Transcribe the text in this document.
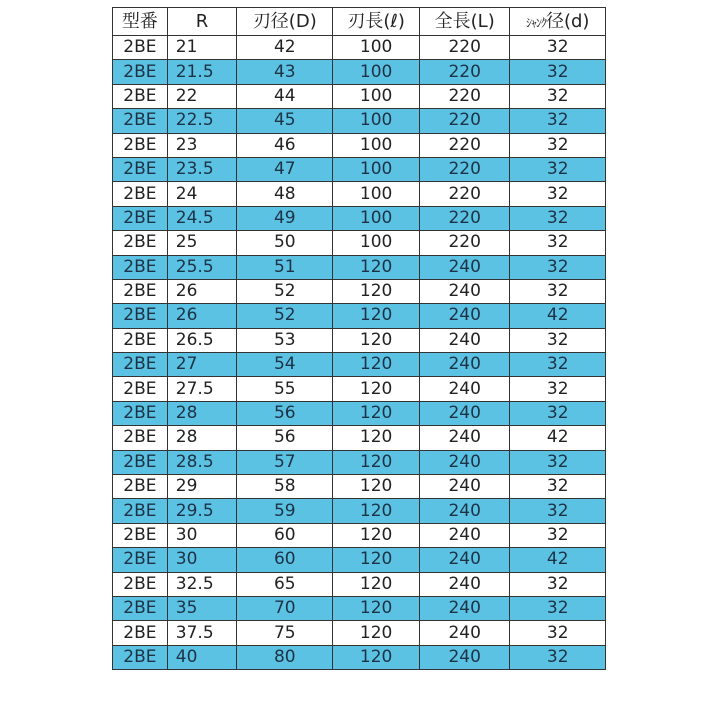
型番	R	刃径(D)	刃長(ℓ)	全長(L)	ｼｬﾝｸ径(d)
2BE	21	42	100	220	32
2BE	21.5	43	100	220	32
2BE	22	44	100	220	32
2BE	22.5	45	100	220	32
2BE	23	46	100	220	32
2BE	23.5	47	100	220	32
2BE	24	48	100	220	32
2BE	24.5	49	100	220	32
2BE	25	50	100	220	32
2BE	25.5	51	120	240	32
2BE	26	52	120	240	32
2BE	26	52	120	240	42
2BE	26.5	53	120	240	32
2BE	27	54	120	240	32
2BE	27.5	55	120	240	32
2BE	28	56	120	240	32
2BE	28	56	120	240	42
2BE	28.5	57	120	240	32
2BE	29	58	120	240	32
2BE	29.5	59	120	240	32
2BE	30	60	120	240	32
2BE	30	60	120	240	42
2BE	32.5	65	120	240	32
2BE	35	70	120	240	32
2BE	37.5	75	120	240	32
2BE	40	80	120	240	32
